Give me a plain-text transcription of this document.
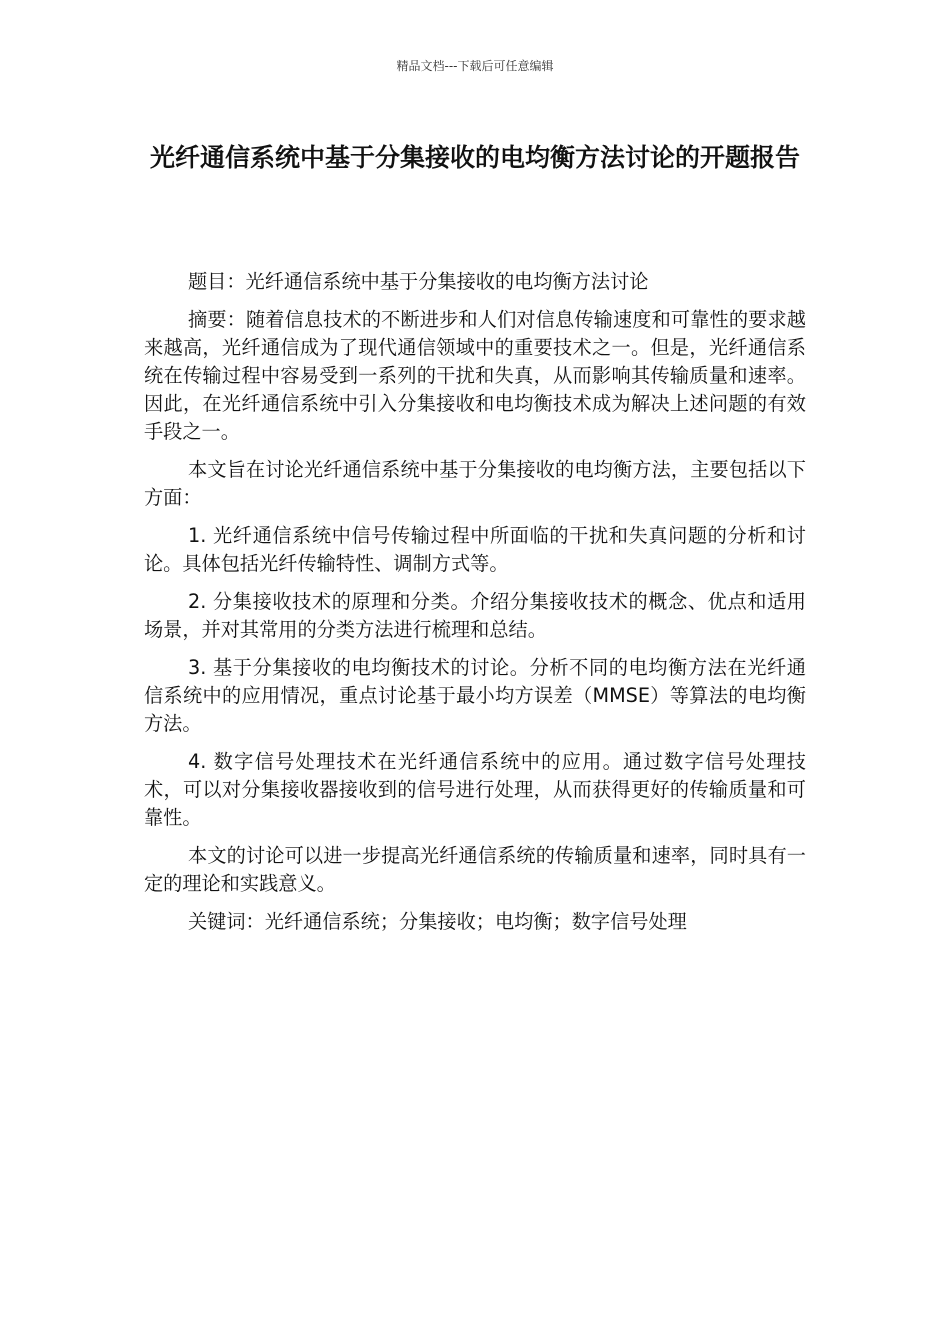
精品文档---下载后可任意编辑
光纤通信系统中基于分集接收的电均衡方法讨论的开题报告

题目：光纤通信系统中基于分集接收的电均衡方法讨论

摘要：随着信息技术的不断进步和人们对信息传输速度和可靠性的要求越来越高，光纤通信成为了现代通信领域中的重要技术之一。但是，光纤通信系统在传输过程中容易受到一系列的干扰和失真，从而影响其传输质量和速率。因此，在光纤通信系统中引入分集接收和电均衡技术成为解决上述问题的有效手段之一。

本文旨在讨论光纤通信系统中基于分集接收的电均衡方法，主要包括以下方面：

1. 光纤通信系统中信号传输过程中所面临的干扰和失真问题的分析和讨论。具体包括光纤传输特性、调制方式等。

2. 分集接收技术的原理和分类。介绍分集接收技术的概念、优点和适用场景，并对其常用的分类方法进行梳理和总结。

3. 基于分集接收的电均衡技术的讨论。分析不同的电均衡方法在光纤通信系统中的应用情况，重点讨论基于最小均方误差（MMSE）等算法的电均衡方法。

4. 数字信号处理技术在光纤通信系统中的应用。通过数字信号处理技术，可以对分集接收器接收到的信号进行处理，从而获得更好的传输质量和可靠性。

本文的讨论可以进一步提高光纤通信系统的传输质量和速率，同时具有一定的理论和实践意义。

关键词：光纤通信系统；分集接收；电均衡；数字信号处理
